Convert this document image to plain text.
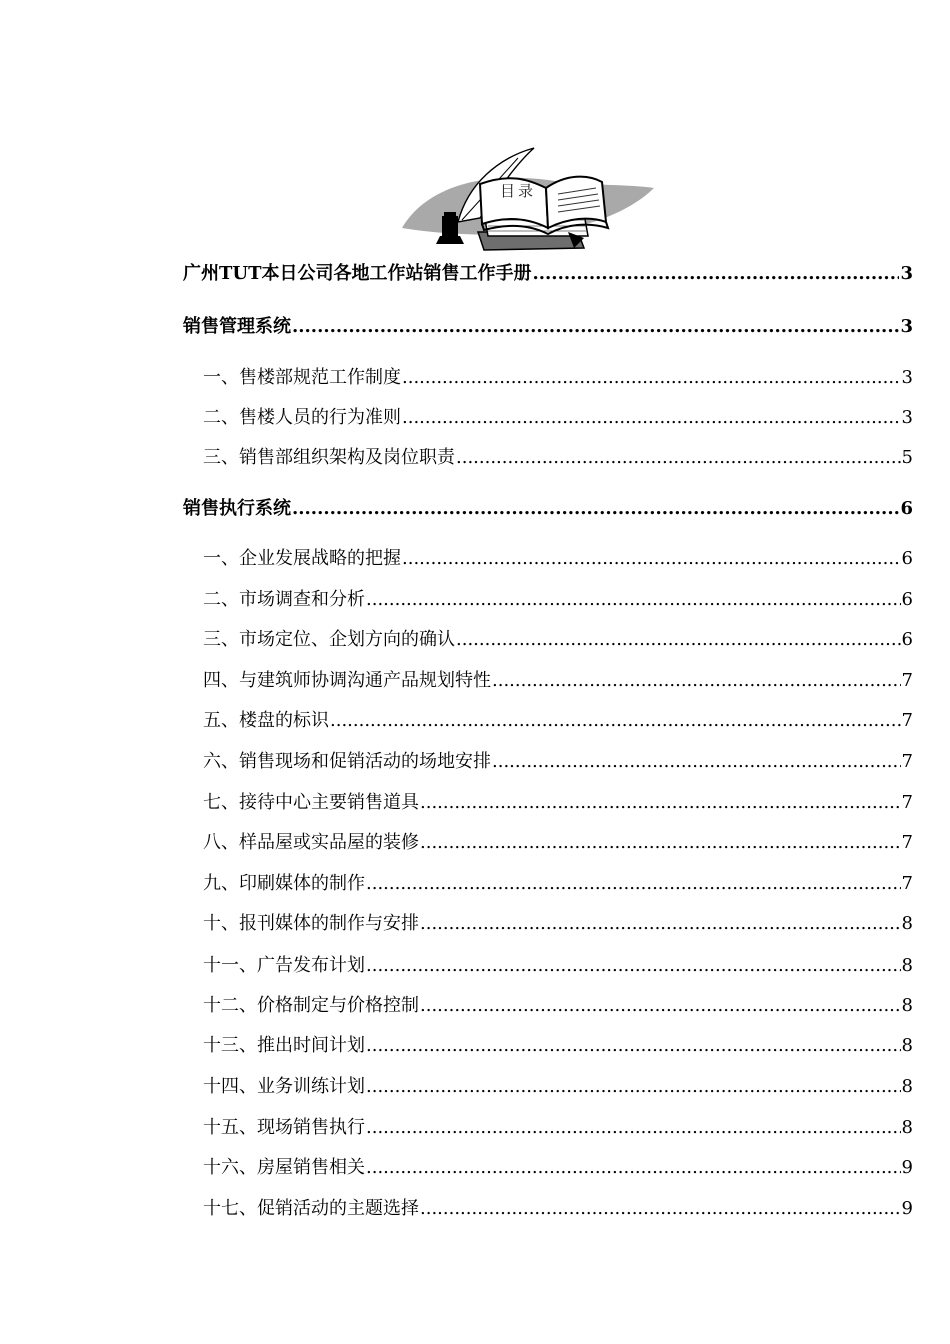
目录
广州TUT本日公司各地工作站销售工作手册 .....	3
销售管理系统 .....	3
一、售楼部规范工作制度 .....	3
二、售楼人员的行为准则 .....	3
三、销售部组织架构及岗位职责 .....	5
销售执行系统 .....	6
一、企业发展战略的把握 .....	6
二、市场调查和分析 .....	6
三、市场定位、企划方向的确认 .....	6
四、与建筑师协调沟通产品规划特性 .....	7
五、楼盘的标识 .....	7
六、销售现场和促销活动的场地安排 .....	7
七、接待中心主要销售道具 .....	7
八、样品屋或实品屋的装修 .....	7
九、印刷媒体的制作 .....	7
十、报刊媒体的制作与安排 .....	8
十一、广告发布计划 .....	8
十二、价格制定与价格控制 .....	8
十三、推出时间计划 .....	8
十四、业务训练计划 .....	8
十五、现场销售执行 .....	8
十六、房屋销售相关 .....	9
十七、促销活动的主题选择 .....	9
